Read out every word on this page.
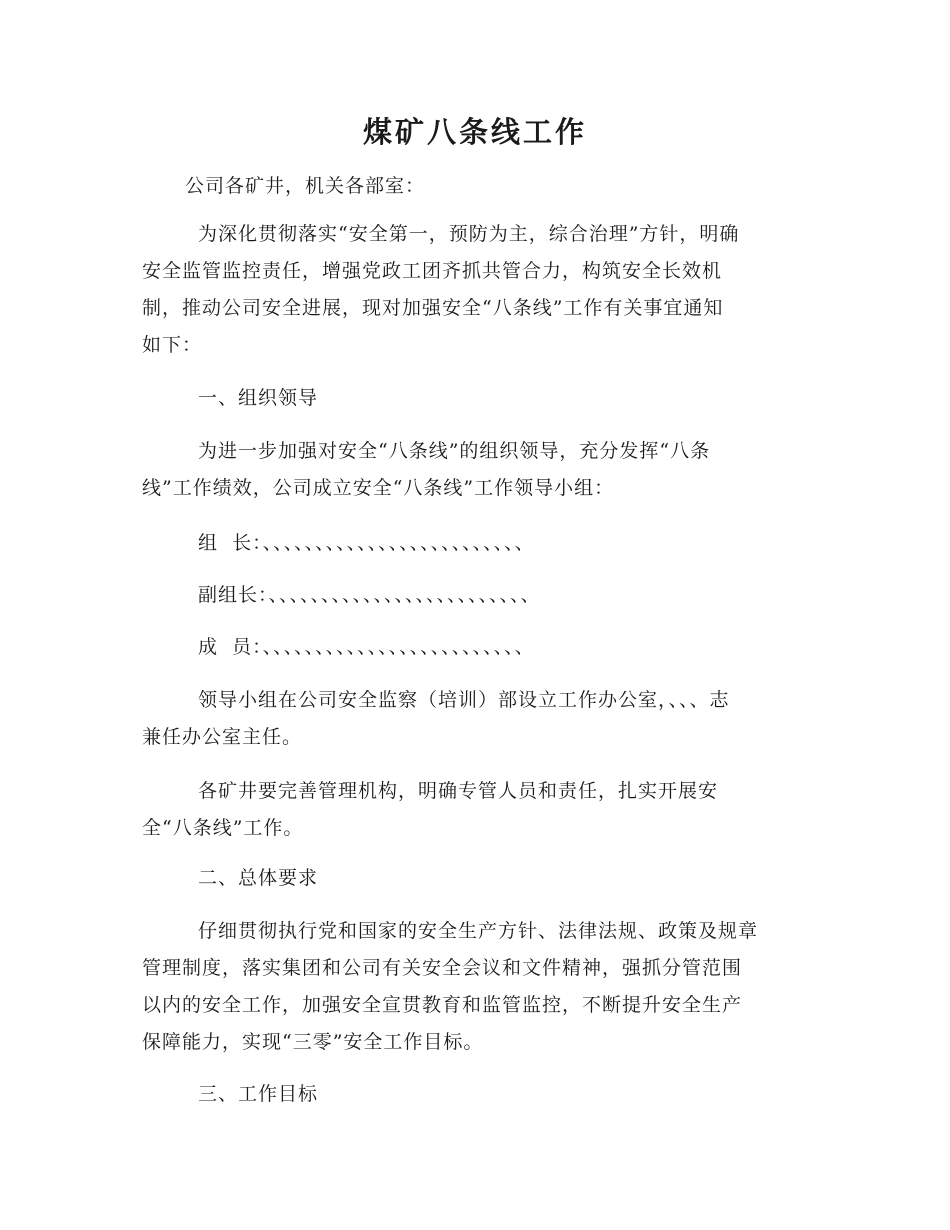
煤矿八条线工作

公司各矿井，机关各部室：

为深化贯彻落实“安全第一，预防为主，综合治理”方针，明确
安全监管监控责任，增强党政工团齐抓共管合力，构筑安全长效机
制，推动公司安全进展，现对加强安全“八条线”工作有关事宜通知
如下：

一、组织领导

为进一步加强对安全“八条线”的组织领导，充分发挥“八条
线”工作绩效，公司成立安全“八条线”工作领导小组：

组  长：、、、、、、、、、、、、、、、、、、、、、、、、、

副组长：、、、、、、、、、、、、、、、、、、、、、、、、、

成  员：、、、、、、、、、、、、、、、、、、、、、、、、、

领导小组在公司安全监察（培训）部设立工作办公室，、、、志
兼任办公室主任。

各矿井要完善管理机构，明确专管人员和责任，扎实开展安
全“八条线”工作。

二、总体要求

仔细贯彻执行党和国家的安全生产方针、法律法规、政策及规章
管理制度，落实集团和公司有关安全会议和文件精神，强抓分管范围
以内的安全工作，加强安全宣贯教育和监管监控，不断提升安全生产
保障能力，实现“三零”安全工作目标。

三、工作目标
